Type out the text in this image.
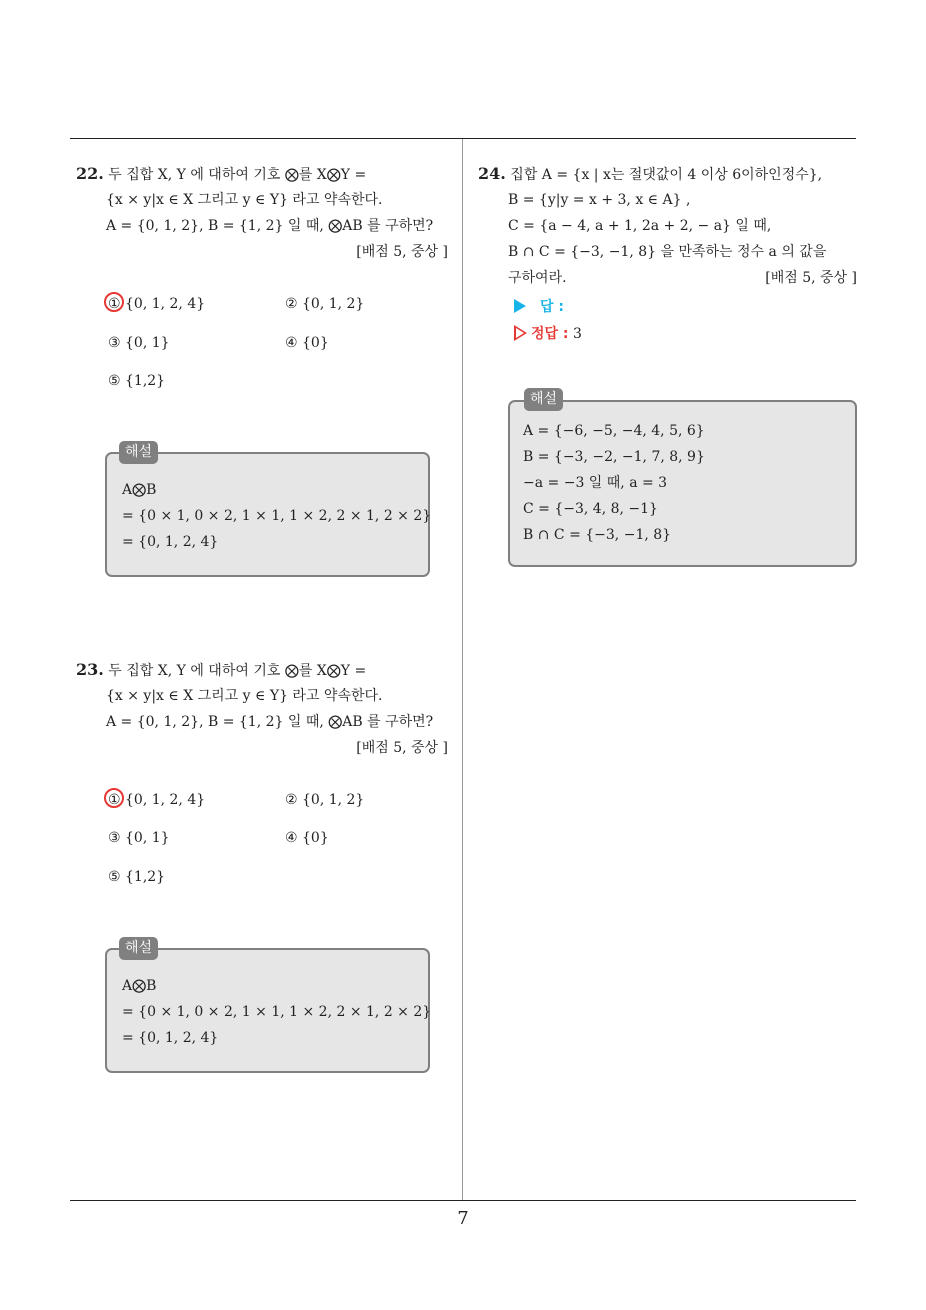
7
22. 두 집합 X, Y 에 대하여 기호 ⨂를 X⨂Y =
{x × y|x ∈ X 그리고 y ∈ Y} 라고 약속한다.
A = {0, 1, 2}, B = {1, 2} 일 때, ⨂AB 를 구하면?
[배점 5, 중상 ]
① {0, 1, 2, 4}	② {0, 1, 2}
③ {0, 1}	④ {0}
⑤ {1,2}
A⨂B
= {0 × 1, 0 × 2, 1 × 1, 1 × 2, 2 × 1, 2 × 2}
= {0, 1, 2, 4}
해설
23. 두 집합 X, Y 에 대하여 기호 ⨂를 X⨂Y =
{x × y|x ∈ X 그리고 y ∈ Y} 라고 약속한다.
A = {0, 1, 2}, B = {1, 2} 일 때, ⨂AB 를 구하면?
[배점 5, 중상 ]
① {0, 1, 2, 4}	② {0, 1, 2}
③ {0, 1}	④ {0}
⑤ {1,2}
A⨂B
= {0 × 1, 0 × 2, 1 × 1, 1 × 2, 2 × 1, 2 × 2}
= {0, 1, 2, 4}
해설
24. 집합 A = {x | x는 절댓값이 4 이상 6이하인정수},
B = {y|y = x + 3, x ∈ A} ,
C = {a − 4, a + 1, 2a + 2, − a} 일 때,
B ∩ C = {−3, −1, 8} 을 만족하는 정수 a 의 값을
구하여라.	[배점 5, 중상 ]
답 :
정답 : 3
A = {−6, −5, −4, 4, 5, 6}
B = {−3, −2, −1, 7, 8, 9}
−a = −3 일 때, a = 3
C = {−3, 4, 8, −1}
B ∩ C = {−3, −1, 8}
해설
